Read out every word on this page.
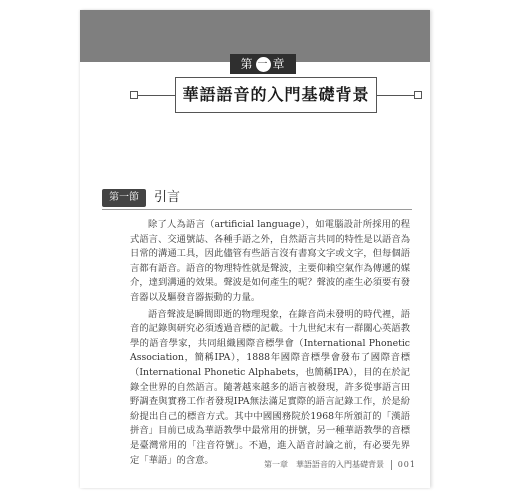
第 一 章
華語語音的入門基礎背景
第一節	引言

除了人為語言（artificial language），如電腦設計所採用的程式語言、交通號誌、各種手語之外，自然語言共同的特性是以語音為日常的溝通工具，因此儘管有些語言沒有書寫文字或文字，但每個語言都有語音。語音的物理特性就是聲波，主要仰賴空氣作為傳遞的媒介，達到溝通的效果。聲波是如何產生的呢？聲波的產生必須要有發音器以及驅發音器振動的力量。

語音聲波是瞬間即逝的物理現象，在錄音尚未發明的時代裡，語音的記錄與研究必須透過音標的記載。十九世紀末有一群關心英語教學的語音學家，共同組織國際音標學會（International Phonetic Association，簡稱IPA），1888年國際音標學會發布了國際音標（International Phonetic Alphabets，也簡稱IPA），目的在於記錄全世界的自然語言。隨著越來越多的語言被發現，許多從事語言田野調查與實務工作者發現IPA無法滿足實際的語言記錄工作，於是紛紛提出自己的標音方式。其中中國國務院於1968年所頒訂的「漢語拼音」目前已成為華語教學中最常用的拼號，另一種華語教學的音標是臺灣常用的「注音符號」。不過，進入語音討論之前，有必要先界定「華語」的含意。	第一章　華語語音的入門基礎背景 001
